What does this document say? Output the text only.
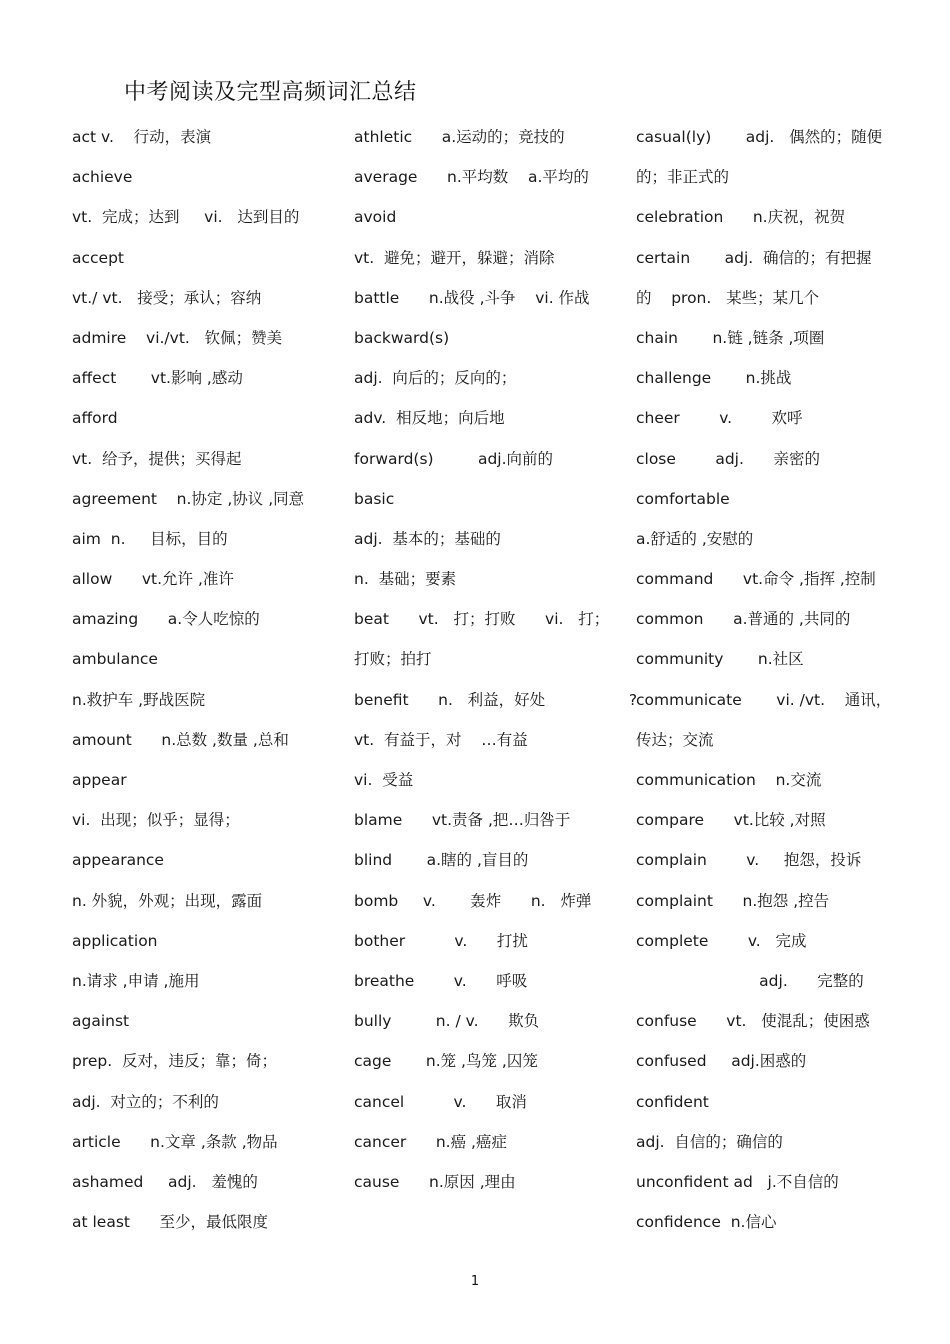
中考阅读及完型高频词汇总结
act v.    行动，表演
achieve
vt.  完成；达到     vi.   达到目的
accept
vt./ vt.   接受；承认；容纳
admire    vi./vt.   钦佩；赞美
affect       vt.影响 ,感动
afford
vt.  给予，提供；买得起
agreement    n.协定 ,协议 ,同意
aim  n.     目标，目的
allow      vt.允许 ,准许
amazing      a.令人吃惊的
ambulance
n.救护车 ,野战医院
amount      n.总数 ,数量 ,总和
appear
vi.  出现；似乎；显得；
appearance
n. 外貌，外观；出现，露面
application
n.请求 ,申请 ,施用
against
prep.  反对，违反；靠；倚；
adj.  对立的；不利的
article      n.文章 ,条款 ,物品
ashamed     adj.   羞愧的
at least      至少，最低限度
athletic      a.运动的；竞技的
average      n.平均数    a.平均的
avoid
vt.  避免；避开，躲避；消除
battle      n.战役 ,斗争    vi. 作战
backward(s)
adj.  向后的；反向的；
adv.  相反地；向后地
forward(s)         adj.向前的
basic
adj.  基本的；基础的
n.  基础；要素
beat      vt.   打；打败      vi.   打；
打败；拍打
benefit      n.   利益，好处                 ?
vt.  有益于，对    …有益
vi.  受益
blame      vt.责备 ,把…归咎于
blind       a.瞎的 ,盲目的
bomb     v.       轰炸      n.   炸弹
bother          v.      打扰
breathe        v.      呼吸
bully         n. / v.      欺负
cage       n.笼 ,鸟笼 ,囚笼
cancel          v.      取消
cancer      n.癌 ,癌症
cause      n.原因 ,理由
casual(ly)       adj.   偶然的；随便
的；非正式的
celebration      n.庆祝，祝贺
certain       adj.  确信的；有把握
的    pron.   某些；某几个
chain       n.链 ,链条 ,项圈
challenge       n.挑战
cheer        v.        欢呼
close        adj.      亲密的
comfortable
a.舒适的 ,安慰的
command      vt.命令 ,指挥 ,控制
common      a.普通的 ,共同的
community       n.社区
communicate       vi. /vt.    通讯，
传达；交流
communication    n.交流
compare      vt.比较 ,对照
complain        v.     抱怨，投诉
complaint      n.抱怨 ,控告
complete        v.   完成
adj.      完整的
confuse      vt.   使混乱；使困惑
confused     adj.困惑的
confident
adj.  自信的；确信的
unconfident ad   j.不自信的
confidence  n.信心
1
